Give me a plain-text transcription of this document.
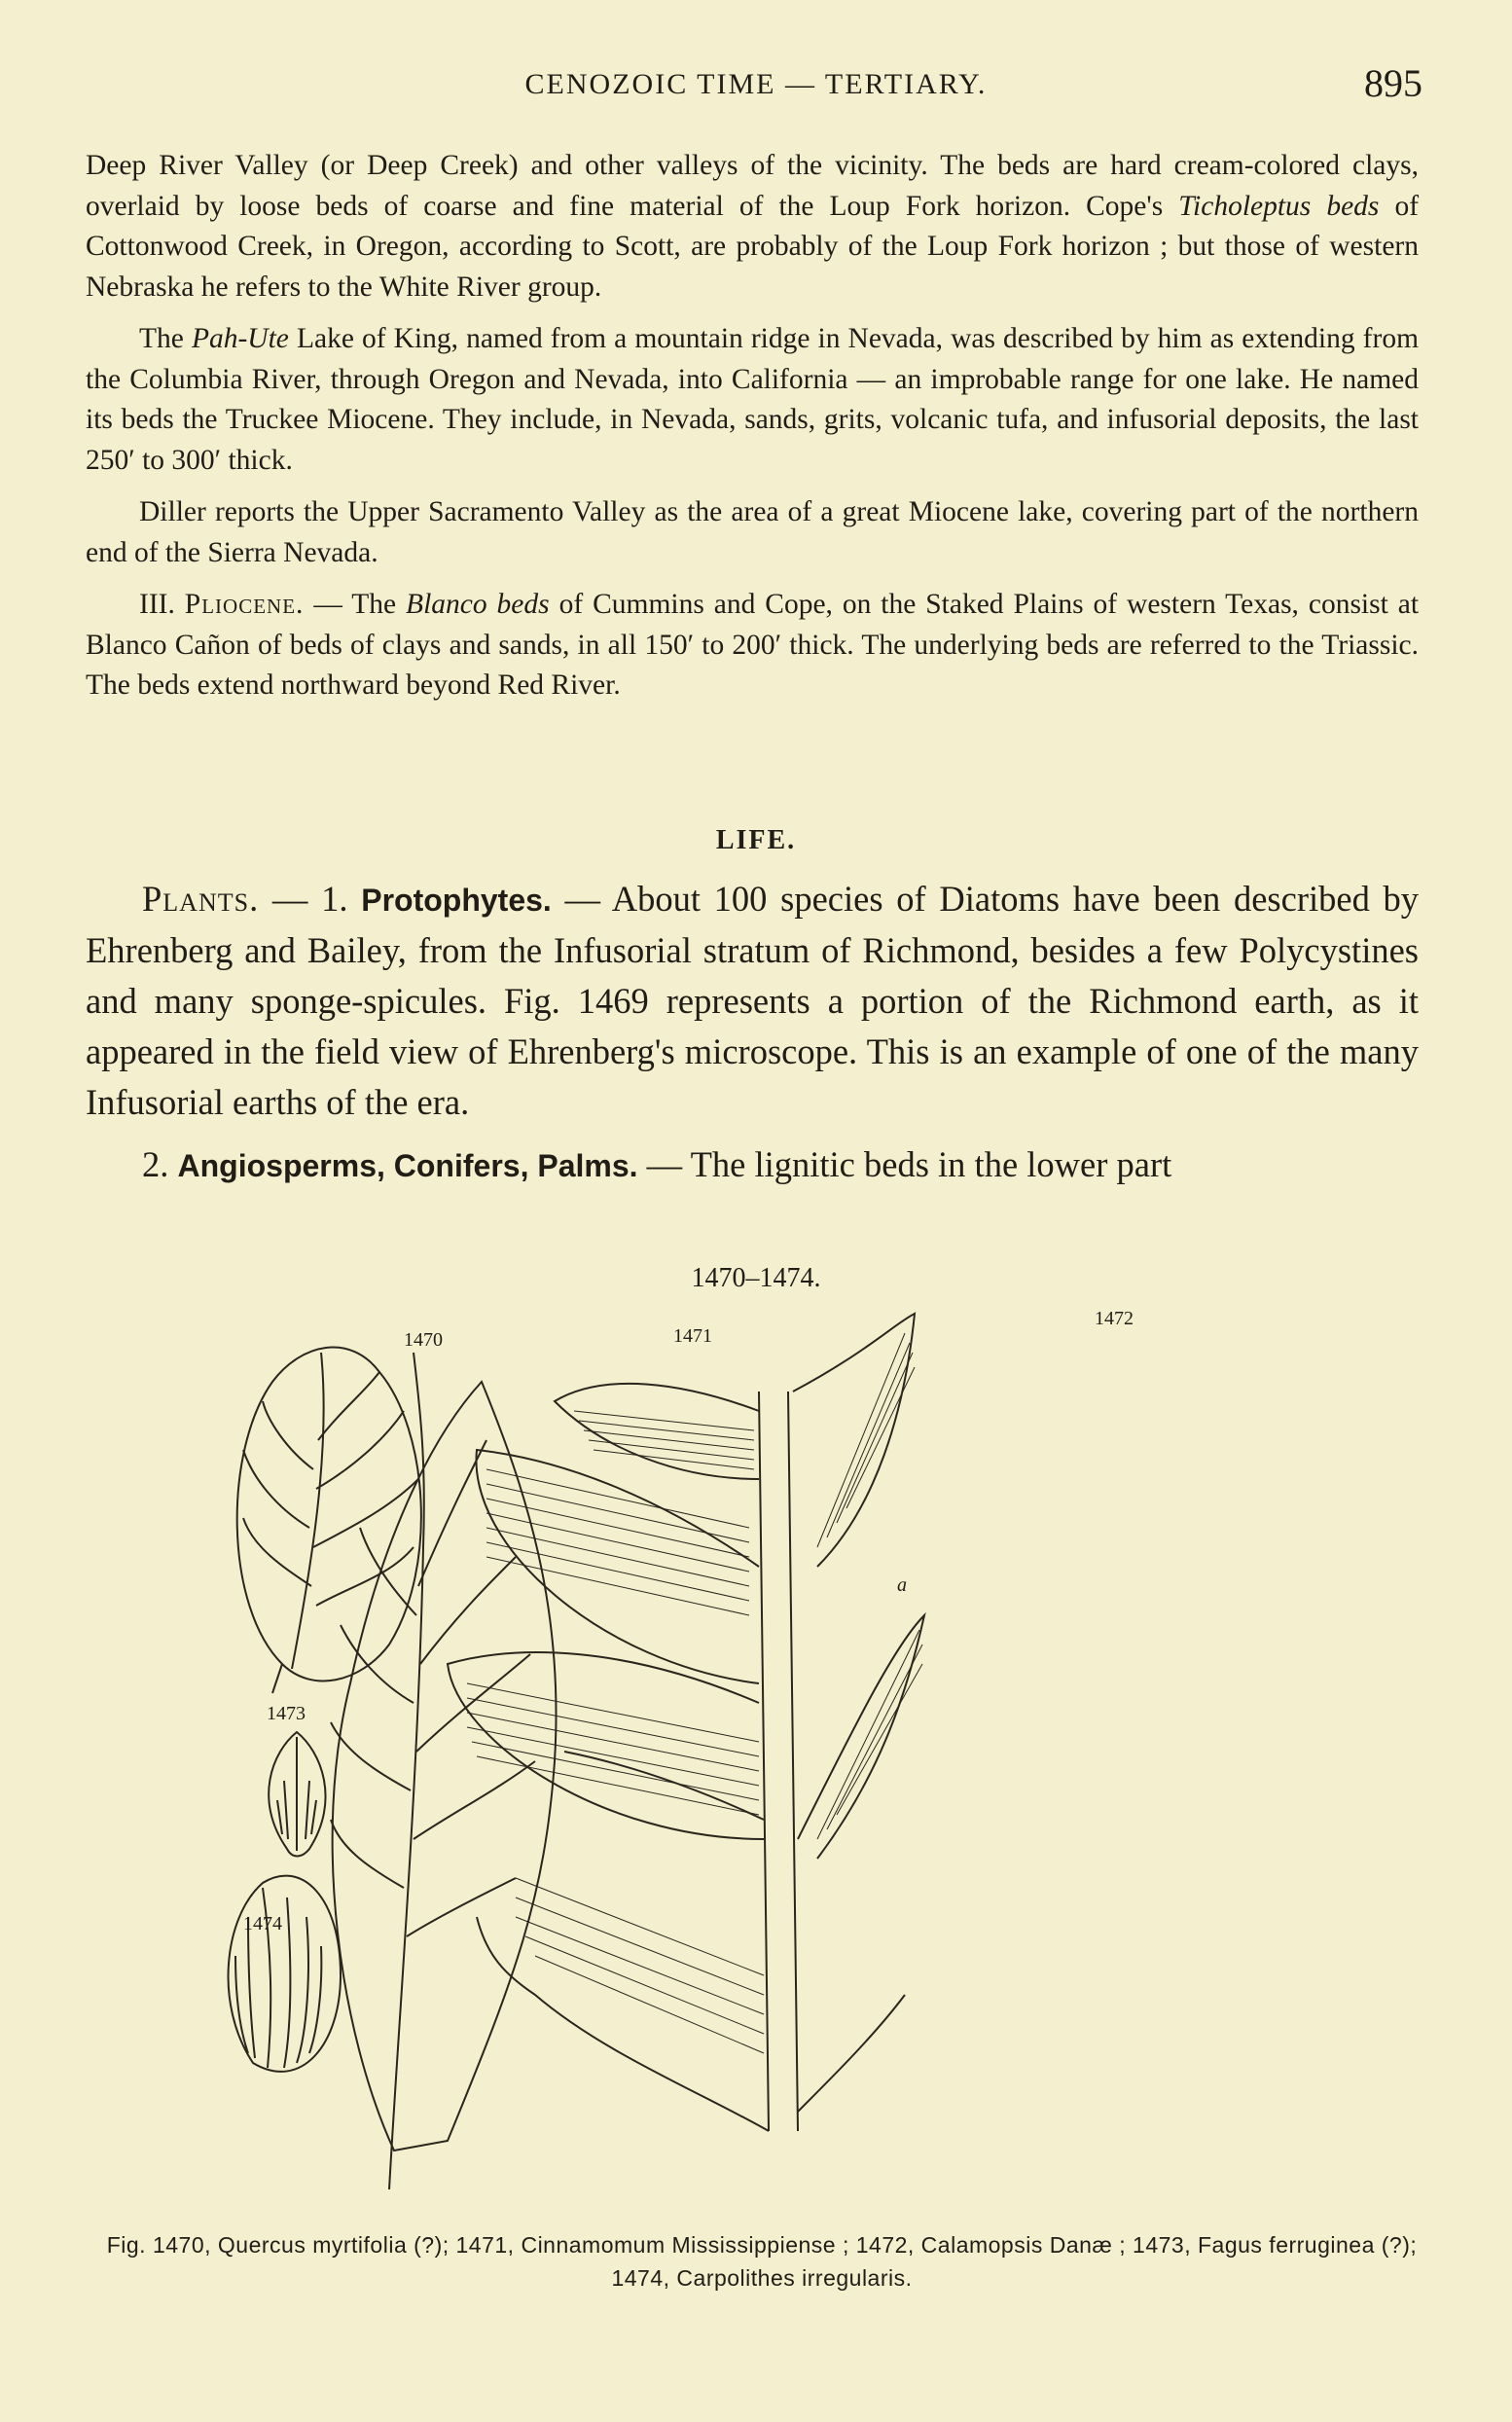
CENOZOIC TIME — TERTIARY.	895

Deep River Valley (or Deep Creek) and other valleys of the vicinity. The beds are hard cream-colored clays, overlaid by loose beds of coarse and fine material of the Loup Fork horizon. Cope's Ticholeptus beds of Cottonwood Creek, in Oregon, according to Scott, are probably of the Loup Fork horizon ; but those of western Nebraska he refers to the White River group.

The Pah-Ute Lake of King, named from a mountain ridge in Nevada, was described by him as extending from the Columbia River, through Oregon and Nevada, into California — an improbable range for one lake. He named its beds the Truckee Miocene. They include, in Nevada, sands, grits, volcanic tufa, and infusorial deposits, the last 250′ to 300′ thick.

Diller reports the Upper Sacramento Valley as the area of a great Miocene lake, covering part of the northern end of the Sierra Nevada.

III. Pliocene. — The Blanco beds of Cummins and Cope, on the Staked Plains of western Texas, consist at Blanco Cañon of beds of clays and sands, in all 150′ to 200′ thick. The underlying beds are referred to the Triassic. The beds extend northward beyond Red River.

LIFE.

Plants. — 1. Protophytes. — About 100 species of Diatoms have been described by Ehrenberg and Bailey, from the Infusorial stratum of Richmond, besides a few Polycystines and many sponge-spicules. Fig. 1469 represents a portion of the Richmond earth, as it appeared in the field view of Ehrenberg's microscope. This is an example of one of the many Infusorial earths of the era.

2. Angiosperms, Conifers, Palms. — The lignitic beds in the lower part

1470–1474.
1470	1471
1472
1473
1474
a
Fig. 1470, Quercus myrtifolia (?); 1471, Cinnamomum Mississippiense ; 1472, Calamopsis Danæ ; 1473, Fagus ferruginea (?); 1474, Carpolithes irregularis.
